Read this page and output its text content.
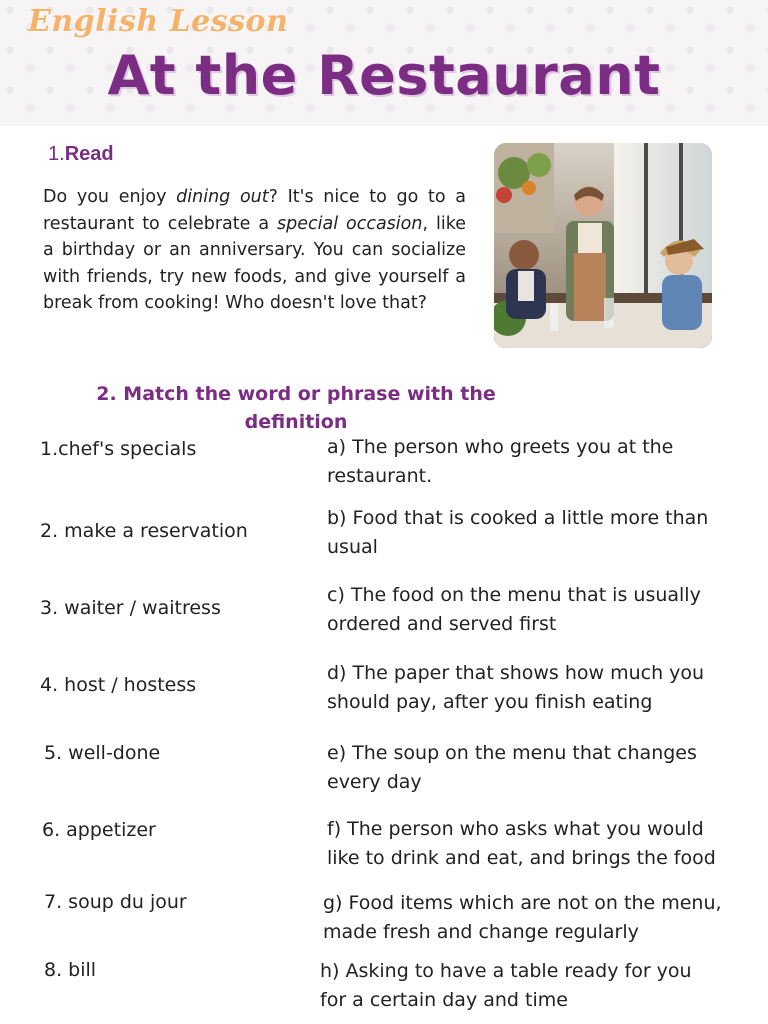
English Lesson
At the Restaurant
1.Read
Do you enjoy dining out? It's nice to go to a restaurant to celebrate a special occasion, like a birthday or an anniversary. You can socialize with friends, try new foods, and give yourself a break from cooking! Who doesn't love that?
2. Match the word or phrase with the definition
1.chef's specials
2. make a reservation
3. waiter / waitress
4. host / hostess
5. well-done
6. appetizer
7. soup du jour
8. bill
a) The person who greets you at the
restaurant.
b) Food that is cooked a little more than
usual
c) The food on the menu that is usually
ordered and served first
d) The paper that shows how much you
should pay, after you finish eating
e) The soup on the menu that changes
every day
f) The person who asks what you would
like to drink and eat, and brings the food
g) Food items which are not on the menu,
made fresh and change regularly
h) Asking to have a table ready for you
for a certain day and time
